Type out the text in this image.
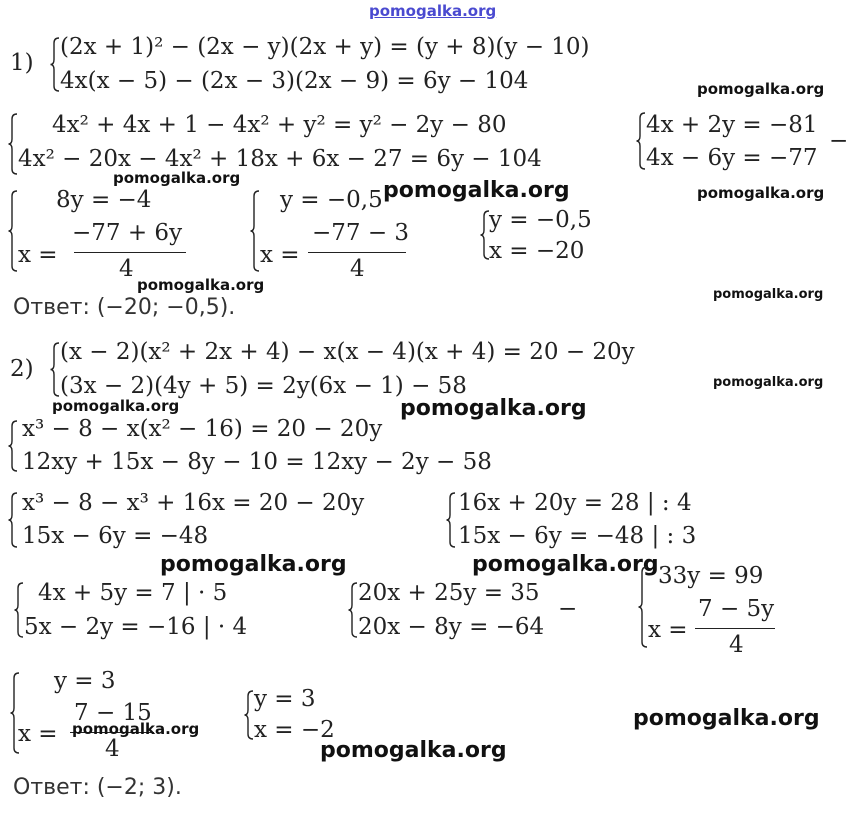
pomogalka.org
1)
(2x + 1)² − (2x − y)(2x + y) = (y + 8)(y − 10)
4x(x − 5) − (2x − 3)(2x − 9) = 6y − 104	pomogalka.org
4x² + 4x + 1 − 4x² + y² = y² − 2y − 80
4x² − 20x − 4x² + 18x + 6x − 27 = 6y − 104
4x + 2y = −81
4x − 6y = −77
−
pomogalka.org	pomogalka.org	pomogalka.org
8y = −4
x =
−77 + 6y
4
pomogalka.org
y = −0,5
x =
−77 − 3
4
y = −0,5
x = −20
Ответ: (−20; −0,5).
pomogalka.org
2)
(x − 2)(x² + 2x + 4) − x(x − 4)(x + 4) = 20 − 20y
(3x − 2)(4y + 5) = 2y(6x − 1) − 58	pomogalka.org
pomogalka.org	pomogalka.org
x³ − 8 − x(x² − 16) = 20 − 20y
12xy + 15x − 8y − 10 = 12xy − 2y − 58
x³ − 8 − x³ + 16x = 20 − 20y
15x − 6y = −48
16x + 20y = 28 | : 4
15x − 6y = −48 | : 3
pomogalka.org	pomogalka.org
4x + 5y = 7 | · 5
5x − 2y = −16 | · 4
20x + 25y = 35
20x − 8y = −64
−
33y = 99
x =
7 − 5y
4
y = 3
x =
7 − 15
4
pomogalka.org
y = 3
x = −2	pomogalka.org
pomogalka.org
Ответ: (−2; 3).
